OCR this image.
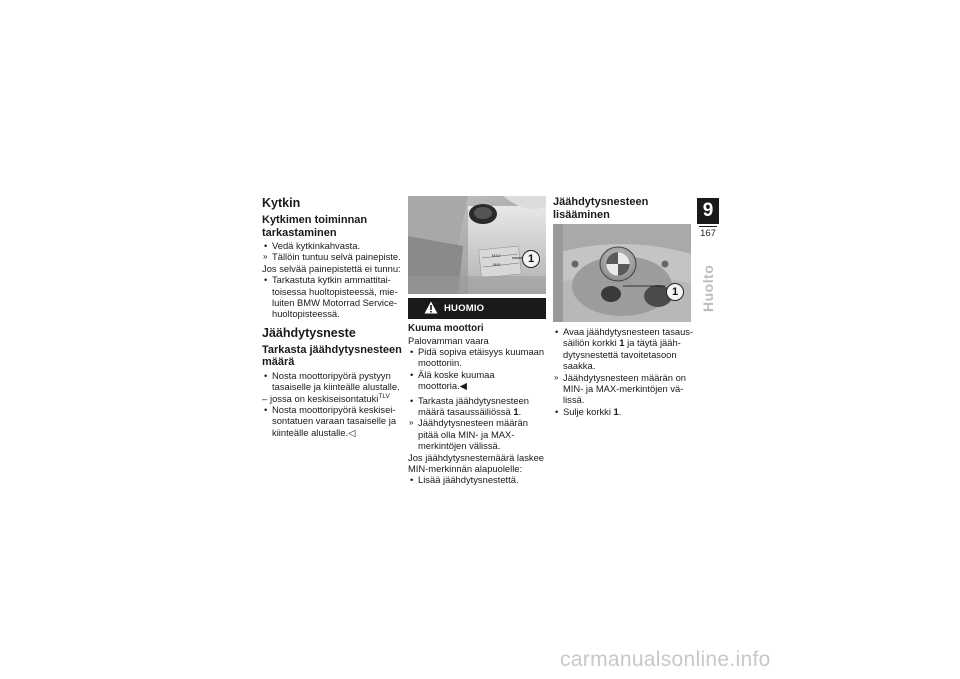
Kytkin
Kytkimen toiminnan tarkastaminen
• Vedä kytkinkahvasta.
» Tällöin tuntuu selvä painepiste.
Jos selvää painepistettä ei tunnu:
• Tarkastuta kytkin ammattitai-toisessa huoltopisteessä, mie-luiten BMW Motorrad Service-huoltopisteessä.
Jäähdytysneste
Tarkasta jäähdytysnesteen määrä
• Nosta moottoripyörä pystyyn tasaiselle ja kiinteälle alustalle.
– jossa on keskiseisontatuki$^{TLV}$
• Nosta moottoripyörä keskisei-sontatuen varaan tasaiselle ja kiinteälle alustalle.◁
MAX
MIN	1
HUOMIO
Kuuma moottori
Palovamman vaara
• Pidä sopiva etäisyys kuumaan moottoriin.
• Älä koske kuumaa moottoria.◀
• Tarkasta jäähdytysnesteen määrä tasaussäiliössä 1.
» Jäähdytysnesteen määrän pitää olla MIN- ja MAX-merkintöjen välissä.
Jos jäähdytysnestemäärä laskee MIN-merkinnän alapuolelle:
• Lisää jäähdytysnestettä.
Jäähdytysnesteen lisääminen
1
• Avaa jäähdytysnesteen tasaus-säiliön korkki 1 ja täytä jääh-dytysnestettä tavoitetasoon saakka.
» Jäähdytysnesteen määrän on MIN- ja MAX-merkintöjen vä-lissä.
• Sulje korkki 1.
9
167
Huolto
carmanualsonline.info
